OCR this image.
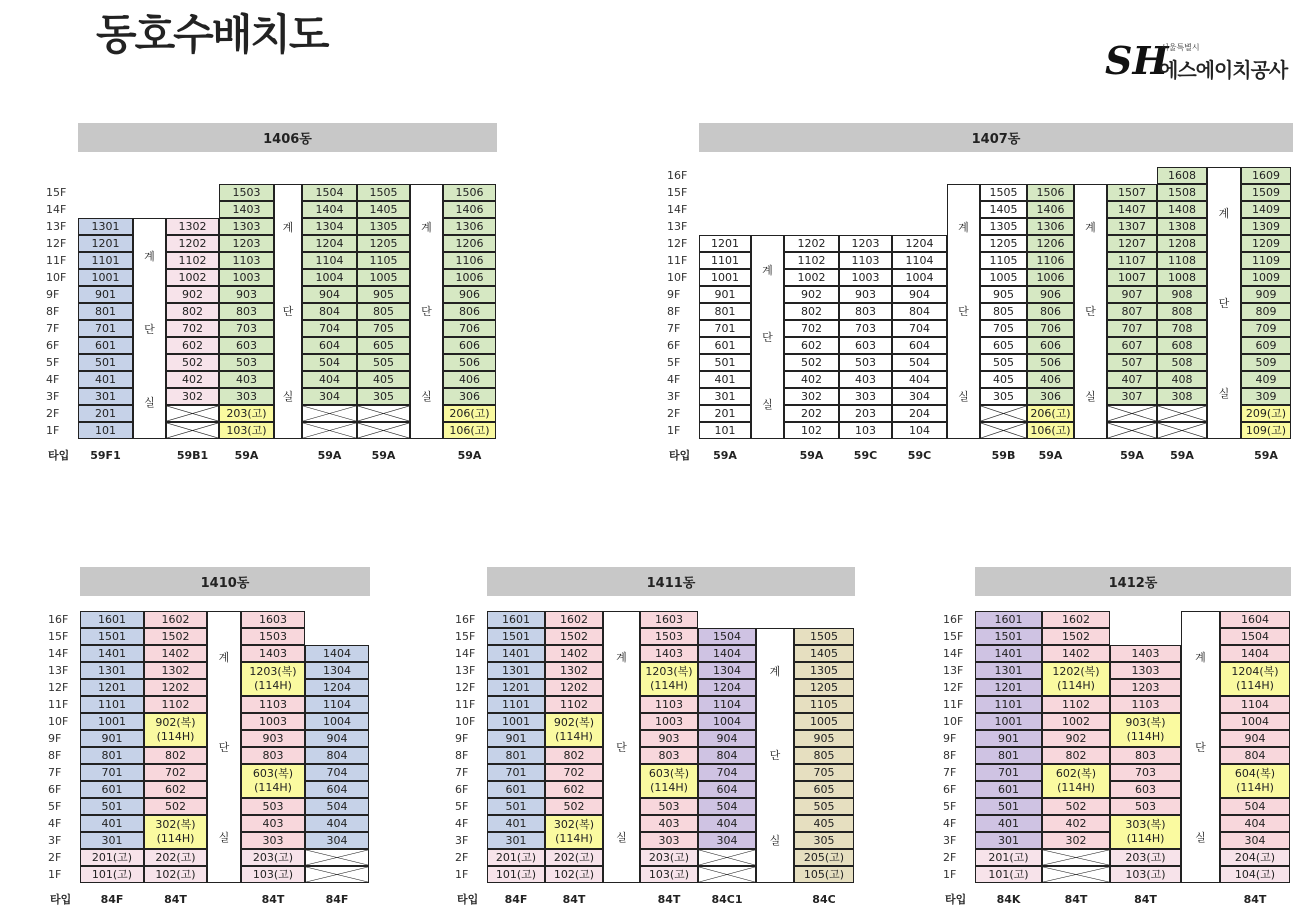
동호수배치도
SH
서울특별시
에스에이치공사
1406동
15F
14F
13F
12F
11F
10F
9F
8F
7F
6F
5F
4F
3F
2F
1F
타입
1301
1201
1101
1001
901
801
701
601
501
401
301
201
101
59F1
계
단
실
1302
1202
1102
1002
902
802
702
602
502
402
302
59B1
1503
1403
1303
1203
1103
1003
903
803
703
603
503
403
303
203(고)
103(고)
59A
계
단
실
1504
1404
1304
1204
1104
1004
904
804
704
604
504
404
304
59A
1505
1405
1305
1205
1105
1005
905
805
705
605
505
405
305
59A
계
단
실
1506
1406
1306
1206
1106
1006
906
806
706
606
506
406
306
206(고)
106(고)
59A
1407동
16F
15F
14F
13F
12F
11F
10F
9F
8F
7F
6F
5F
4F
3F
2F
1F
타입
1201
1101
1001
901
801
701
601
501
401
301
201
101
59A
계
단
실
1202
1102
1002
902
802
702
602
502
402
302
202
102
59A
1203
1103
1003
903
803
703
603
503
403
303
203
103
59C
1204
1104
1004
904
804
704
604
504
404
304
204
104
59C
계
단
실
1505
1405
1305
1205
1105
1005
905
805
705
605
505
405
305
59B
1506
1406
1306
1206
1106
1006
906
806
706
606
506
406
306
206(고)
106(고)
59A
계
단
실
1507
1407
1307
1207
1107
1007
907
807
707
607
507
407
307
59A
1608
1508
1408
1308
1208
1108
1008
908
808
708
608
508
408
308
59A
계
단
실
1609
1509
1409
1309
1209
1109
1009
909
809
709
609
509
409
309
209(고)
109(고)
59A
1410동
16F
15F
14F
13F
12F
11F
10F
9F
8F
7F
6F
5F
4F
3F
2F
1F
타입
1601
1501
1401
1301
1201
1101
1001
901
801
701
601
501
401
301
201(고)
101(고)
84F
1602
1502
1402
1302
1202
1102
902(복)
(114H)
802
702
602
502
302(복)
(114H)
202(고)
102(고)
84T
계
단
실
1603
1503
1403
1203(복)
(114H)
1103
1003
903
803
603(복)
(114H)
503
403
303
203(고)
103(고)
84T
1404
1304
1204
1104
1004
904
804
704
604
504
404
304
84F
1411동
16F
15F
14F
13F
12F
11F
10F
9F
8F
7F
6F
5F
4F
3F
2F
1F
타입
1601
1501
1401
1301
1201
1101
1001
901
801
701
601
501
401
301
201(고)
101(고)
84F
1602
1502
1402
1302
1202
1102
902(복)
(114H)
802
702
602
502
302(복)
(114H)
202(고)
102(고)
84T
계
단
실
1603
1503
1403
1203(복)
(114H)
1103
1003
903
803
603(복)
(114H)
503
403
303
203(고)
103(고)
84T
1504
1404
1304
1204
1104
1004
904
804
704
604
504
404
304
84C1
계
단
실
1505
1405
1305
1205
1105
1005
905
805
705
605
505
405
305
205(고)
105(고)
84C
1412동
16F
15F
14F
13F
12F
11F
10F
9F
8F
7F
6F
5F
4F
3F
2F
1F
타입
1601
1501
1401
1301
1201
1101
1001
901
801
701
601
501
401
301
201(고)
101(고)
84K
1602
1502
1402
1202(복)
(114H)
1102
1002
902
802
602(복)
(114H)
502
402
302
84T
1403
1303
1203
1103
903(복)
(114H)
803
703
603
503
303(복)
(114H)
203(고)
103(고)
84T
계
단
실
1604
1504
1404
1204(복)
(114H)
1104
1004
904
804
604(복)
(114H)
504
404
304
204(고)
104(고)
84T
